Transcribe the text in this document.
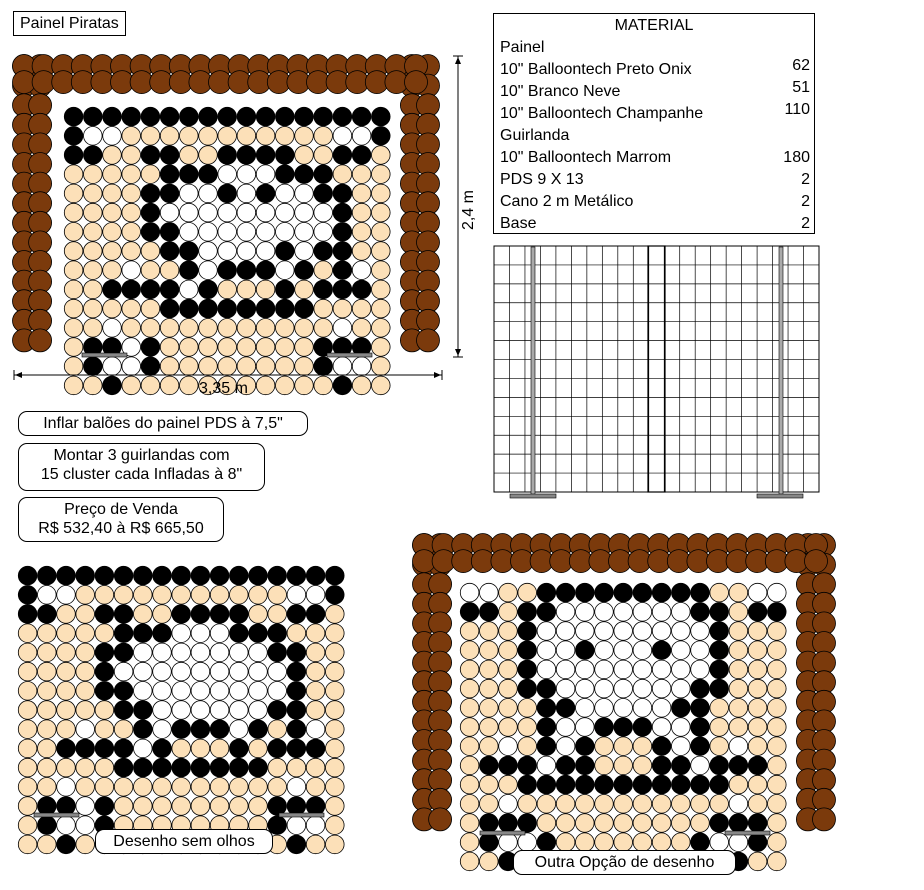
Painel Piratas
2,4 m
3,35 m
MATERIAL
Painel
10" Balloontech Preto Onix	62
10" Branco Neve	51
10" Balloontech Champanhe	110
Guirlanda
10" Balloontech Marrom	180
PDS 9 X 13	2
Cano 2 m Metálico	2
Base	2
Inflar balões do painel PDS à 7,5"
Montar 3 guirlandas com
15 cluster cada Infladas à 8"
Preço de Venda
R$ 532,40 à R$ 665,50
Desenho sem olhos
Outra Opção de desenho
